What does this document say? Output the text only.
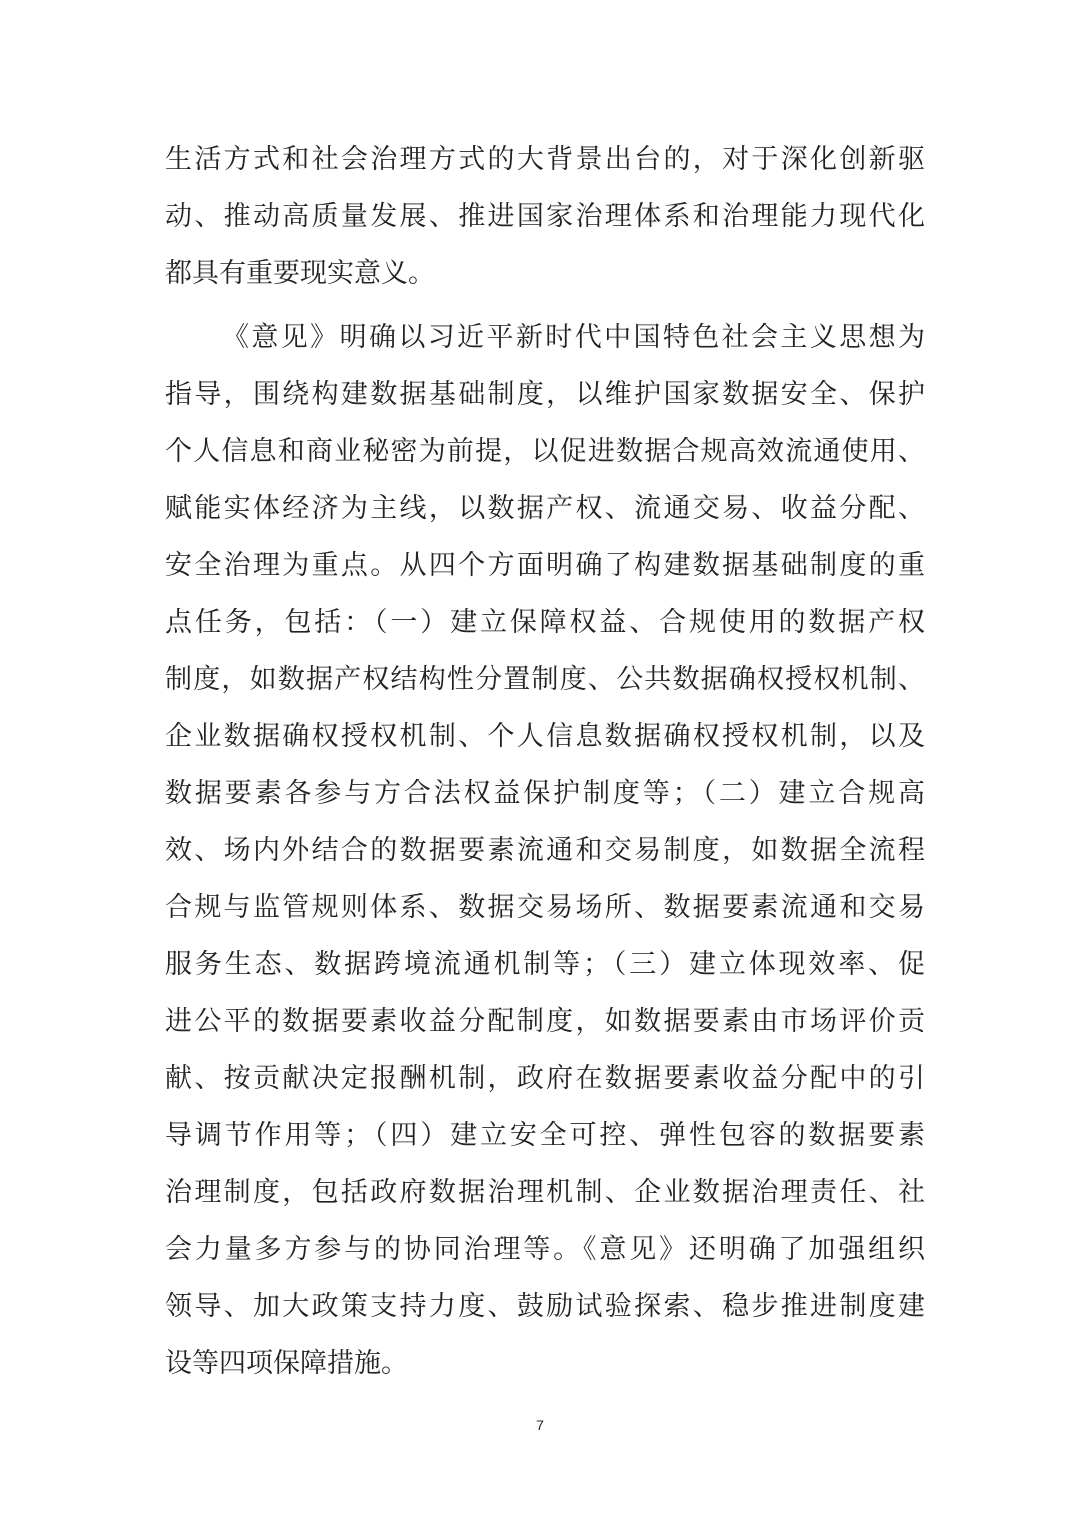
生活方式和社会治理方式的大背景出台的，对于深化创新驱
动、推动高质量发展、推进国家治理体系和治理能力现代化
都具有重要现实意义。
《意见》明确以习近平新时代中国特色社会主义思想为
指导，围绕构建数据基础制度，以维护国家数据安全、保护
个人信息和商业秘密为前提，以促进数据合规高效流通使用、
赋能实体经济为主线，以数据产权、流通交易、收益分配、
安全治理为重点。从四个方面明确了构建数据基础制度的重
点任务，包括：（一）建立保障权益、合规使用的数据产权
制度，如数据产权结构性分置制度、公共数据确权授权机制、
企业数据确权授权机制、个人信息数据确权授权机制，以及
数据要素各参与方合法权益保护制度等；（二）建立合规高
效、场内外结合的数据要素流通和交易制度，如数据全流程
合规与监管规则体系、数据交易场所、数据要素流通和交易
服务生态、数据跨境流通机制等；（三）建立体现效率、促
进公平的数据要素收益分配制度，如数据要素由市场评价贡
献、按贡献决定报酬机制，政府在数据要素收益分配中的引
导调节作用等；（四）建立安全可控、弹性包容的数据要素
治理制度，包括政府数据治理机制、企业数据治理责任、社
会力量多方参与的协同治理等。《意见》还明确了加强组织
领导、加大政策支持力度、鼓励试验探索、稳步推进制度建
设等四项保障措施。
7
